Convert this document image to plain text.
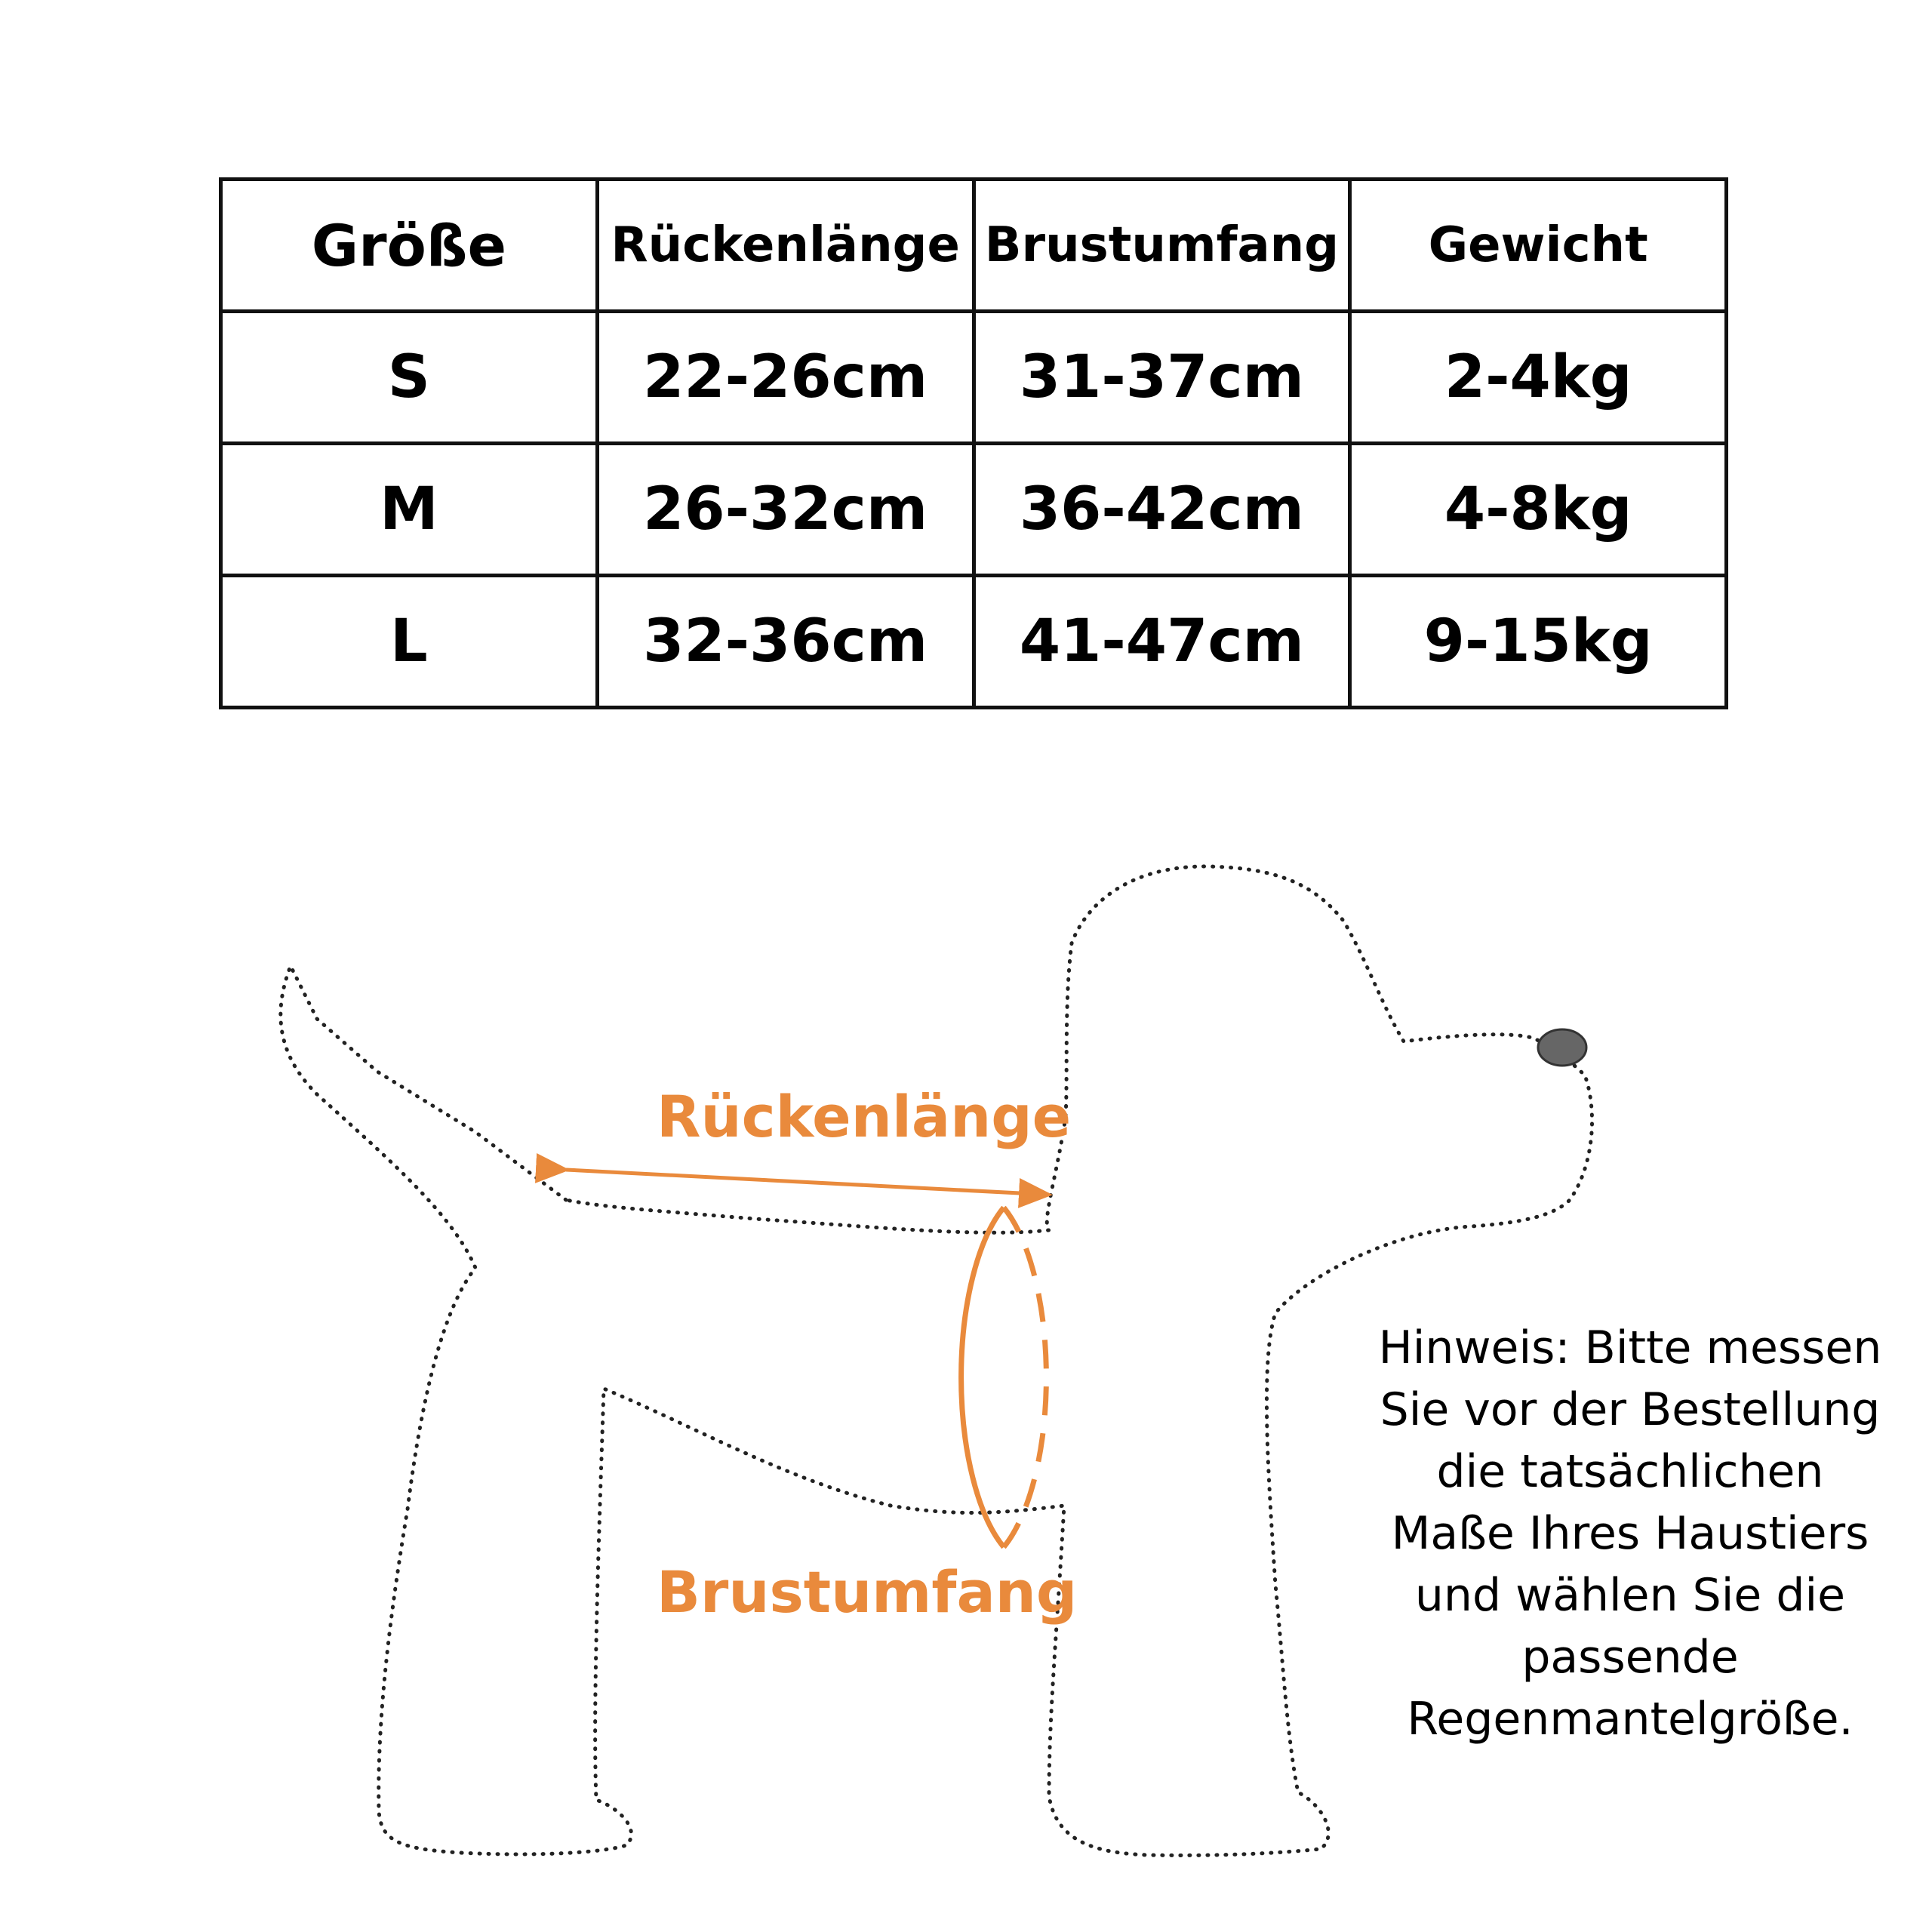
Größe	Rückenlänge	Brustumfang	Gewicht
S	22-26cm	31-37cm	2-4kg
M	26-32cm	36-42cm	4-8kg
L	32-36cm	41-47cm	9-15kg
Rückenlänge
Brustumfang
Hinweis: Bitte messen
Sie vor der Bestellung
die tatsächlichen
Maße Ihres Haustiers
und wählen Sie die
passende
Regenmantelgröße.
